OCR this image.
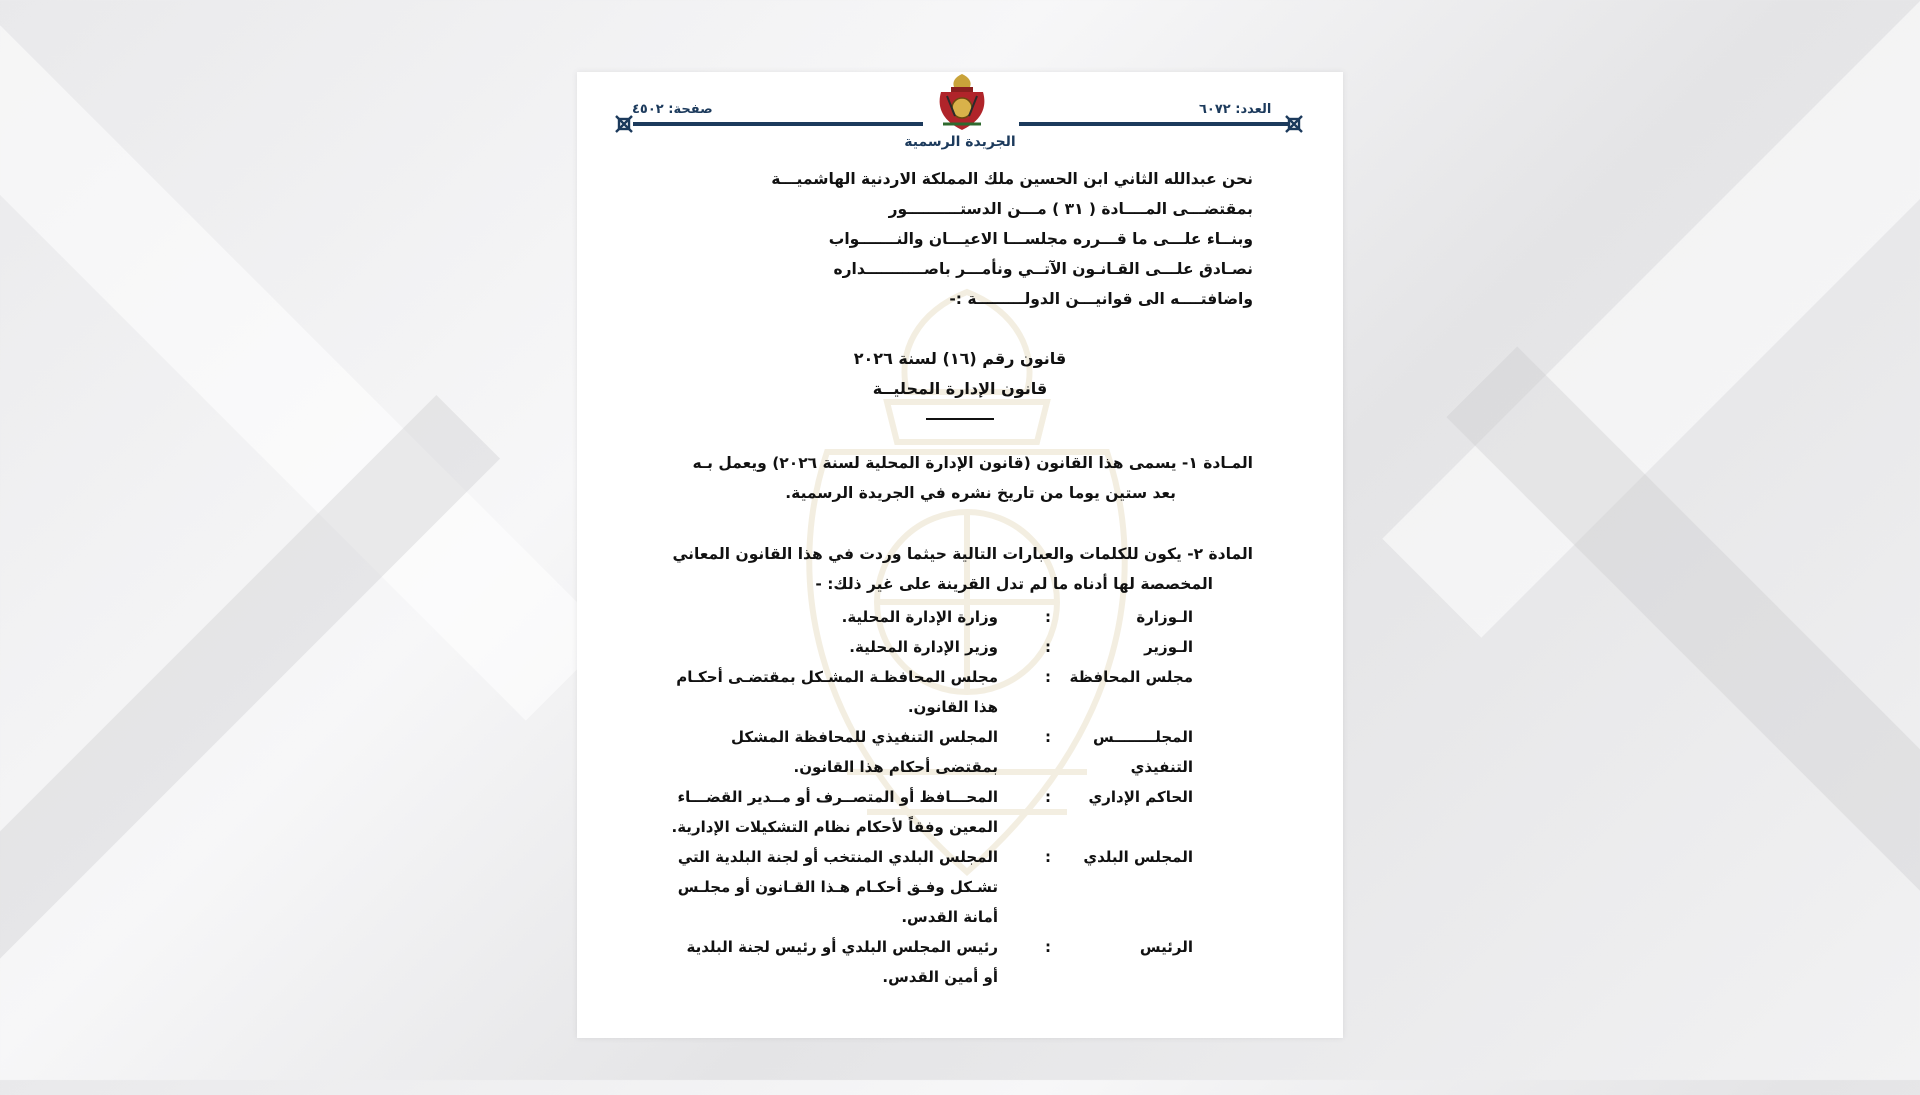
صفحة: ٤٥٠٢	العدد: ٦٠٧٢
الجريدة الرسمية
نحن عبدالله الثاني ابن الحسين ملك المملكة الاردنية الهاشميـــة
بمقتضـــى المــــادة ( ٣١ ) مـــن الدستــــــــــور
وبنــاء علـــى ما قـــرره مجلســـا الاعيـــان والنـــــــواب
نصـادق علـــى القـانـون الآتــي ونأمـــر باصـــــــــــداره
واضافتــــه الى قوانيـــن الدولـــــــــة :-
قانون رقم (١٦) لسنة ٢٠٢٦
قانون الإدارة المحليــة
المـادة ١- يسمى هذا القانون (قانون الإدارة المحلية لسنة ٢٠٢٦) ويعمل بـه
بعد ستين يوما من تاريخ نشره في الجريدة الرسمية.
المادة ٢- يكون للكلمات والعبارات التالية حيثما وردت في هذا القانون المعاني
المخصصة لها أدناه ما لم تدل القرينة على غير ذلك: -
الـوزارة
:
وزارة الإدارة المحلية.
الـوزير
:
وزير الإدارة المحلية.
مجلس المحافظة
:
مجلس المحافظـة المشـكل بمقتضـى أحكـام هذا القانون.
المجلــــــــس التنفيذي
:
المجلس التنفيذي للمحافظة المشكل بمقتضى أحكام هذا القانون.
الحاكم الإداري
:
المحـــافظ أو المتصــرف أو مــدير القضـــاء المعين وفقاً لأحكام نظام التشكيلات الإدارية.
المجلس البلدي
:
المجلس البلدي المنتخب أو لجنة البلدية التي تشـكل وفـق أحكـام هـذا القـانون أو مجلـس أمانة القدس.
الرئيس
:
رئيس المجلس البلدي أو رئيس لجنة البلدية أو أمين القدس.
